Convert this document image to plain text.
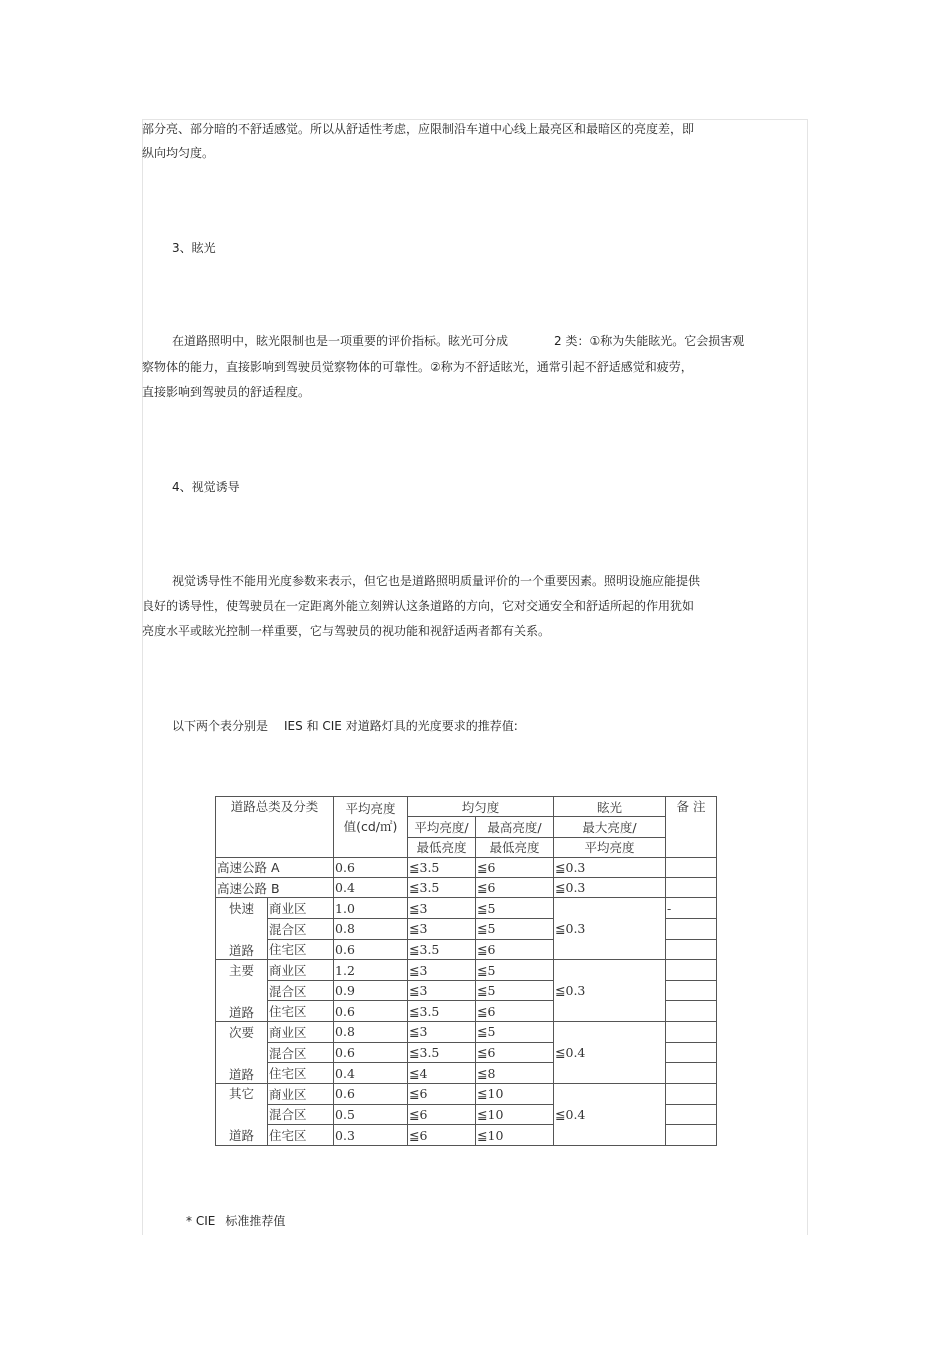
部分亮、部分暗的不舒适感觉。所以从舒适性考虑，应限制沿车道中心线上最亮区和最暗区的亮度差，即
纵向均匀度。
3、眩光
在道路照明中，眩光限制也是一项重要的评价指标。眩光可分成	2 类：①称为失能眩光。它会损害观
察物体的能力，直接影响到驾驶员觉察物体的可靠性。②称为不舒适眩光，通常引起不舒适感觉和疲劳，
直接影响到驾驶员的舒适程度。
4、视觉诱导
视觉诱导性不能用光度参数来表示，但它也是道路照明质量评价的一个重要因素。照明设施应能提供
良好的诱导性，使驾驶员在一定距离外能立刻辨认这条道路的方向，它对交通安全和舒适所起的作用犹如
亮度水平或眩光控制一样重要，它与驾驶员的视功能和视舒适两者都有关系。
以下两个表分别是 IES 和 CIE 对道路灯具的光度要求的推荐值:
道路总类及分类		平均亮度
值(cd/㎡)	均匀度		眩光	备 注
			平均亮度/	最高亮度/	最大亮度/	
			最低亮度	最低亮度	平均亮度	
高速公路 A		0.6	≦3.5	≦6	≦0.3	
高速公路 B		0.4	≦3.5	≦6	≦0.3	

快速
道路	商业区	1.0	≦3	≦5	≦0.3	-
	混合区	0.8	≦3	≦5		
	住宅区	0.6	≦3.5	≦6		

主要
道路	商业区	1.2	≦3	≦5	≦0.3	
	混合区	0.9	≦3	≦5		
	住宅区	0.6	≦3.5	≦6		

次要
道路	商业区	0.8	≦3	≦5	≦0.4	
	混合区	0.6	≦3.5	≦6		
	住宅区	0.4	≦4	≦8		

其它
道路	商业区	0.6	≦6	≦10	≦0.4	
	混合区	0.5	≦6	≦10		
	住宅区	0.3	≦6	≦10		
* CIE 标准推荐值
